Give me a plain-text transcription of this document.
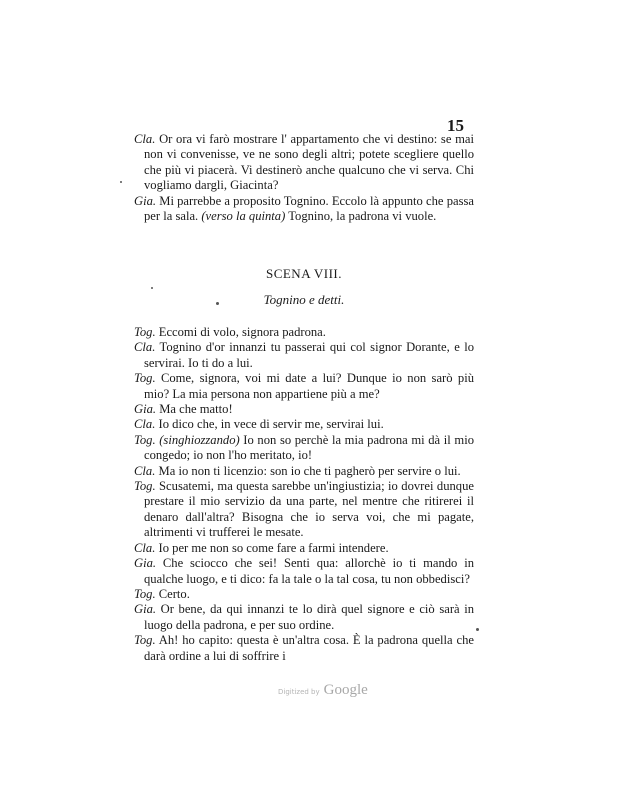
15

Cla. Or ora vi farò mostrare l' appartamento che vi destino: se mai non vi convenisse, ve ne sono degli altri; potete scegliere quello che più vi piacerà. Vi destinerò anche qualcuno che vi serva. Chi vogliamo dargli, Giacinta?

Gia. Mi parrebbe a proposito Tognino. Eccolo là appunto che passa per la sala. (verso la quinta) Tognino, la padrona vi vuole.

SCENA VIII.
Tognino e detti.

Tog. Eccomi di volo, signora padrona.

Cla. Tognino d'or innanzi tu passerai qui col signor Dorante, e lo servirai. Io ti do a lui.

Tog. Come, signora, voi mi date a lui? Dunque io non sarò più mio? La mia persona non appartiene più a me?

Gia. Ma che matto!

Cla. Io dico che, in vece di servir me, servirai lui.

Tog. (singhiozzando) Io non so perchè la mia padrona mi dà il mio congedo; io non l'ho meritato, io!

Cla. Ma io non ti licenzio: son io che ti pagherò per servire o lui.

Tog. Scusatemi, ma questa sarebbe un'ingiustizia; io dovrei dunque prestare il mio servizio da una parte, nel mentre che ritirerei il denaro dall'altra? Bisogna che io serva voi, che mi pagate, altrimenti vi trufferei le mesate.

Cla. Io per me non so come fare a farmi intendere.

Gia. Che sciocco che sei! Senti qua: allorchè io ti mando in qualche luogo, e ti dico: fa la tale o la tal cosa, tu non obbedisci?

Tog. Certo.

Gia. Or bene, da qui innanzi te lo dirà quel signore e ciò sarà in luogo della padrona, e per suo ordine.

Tog. Ah! ho capito: questa è un'altra cosa. È la padrona quella che darà ordine a lui di soffrire i

Digitized by Google
